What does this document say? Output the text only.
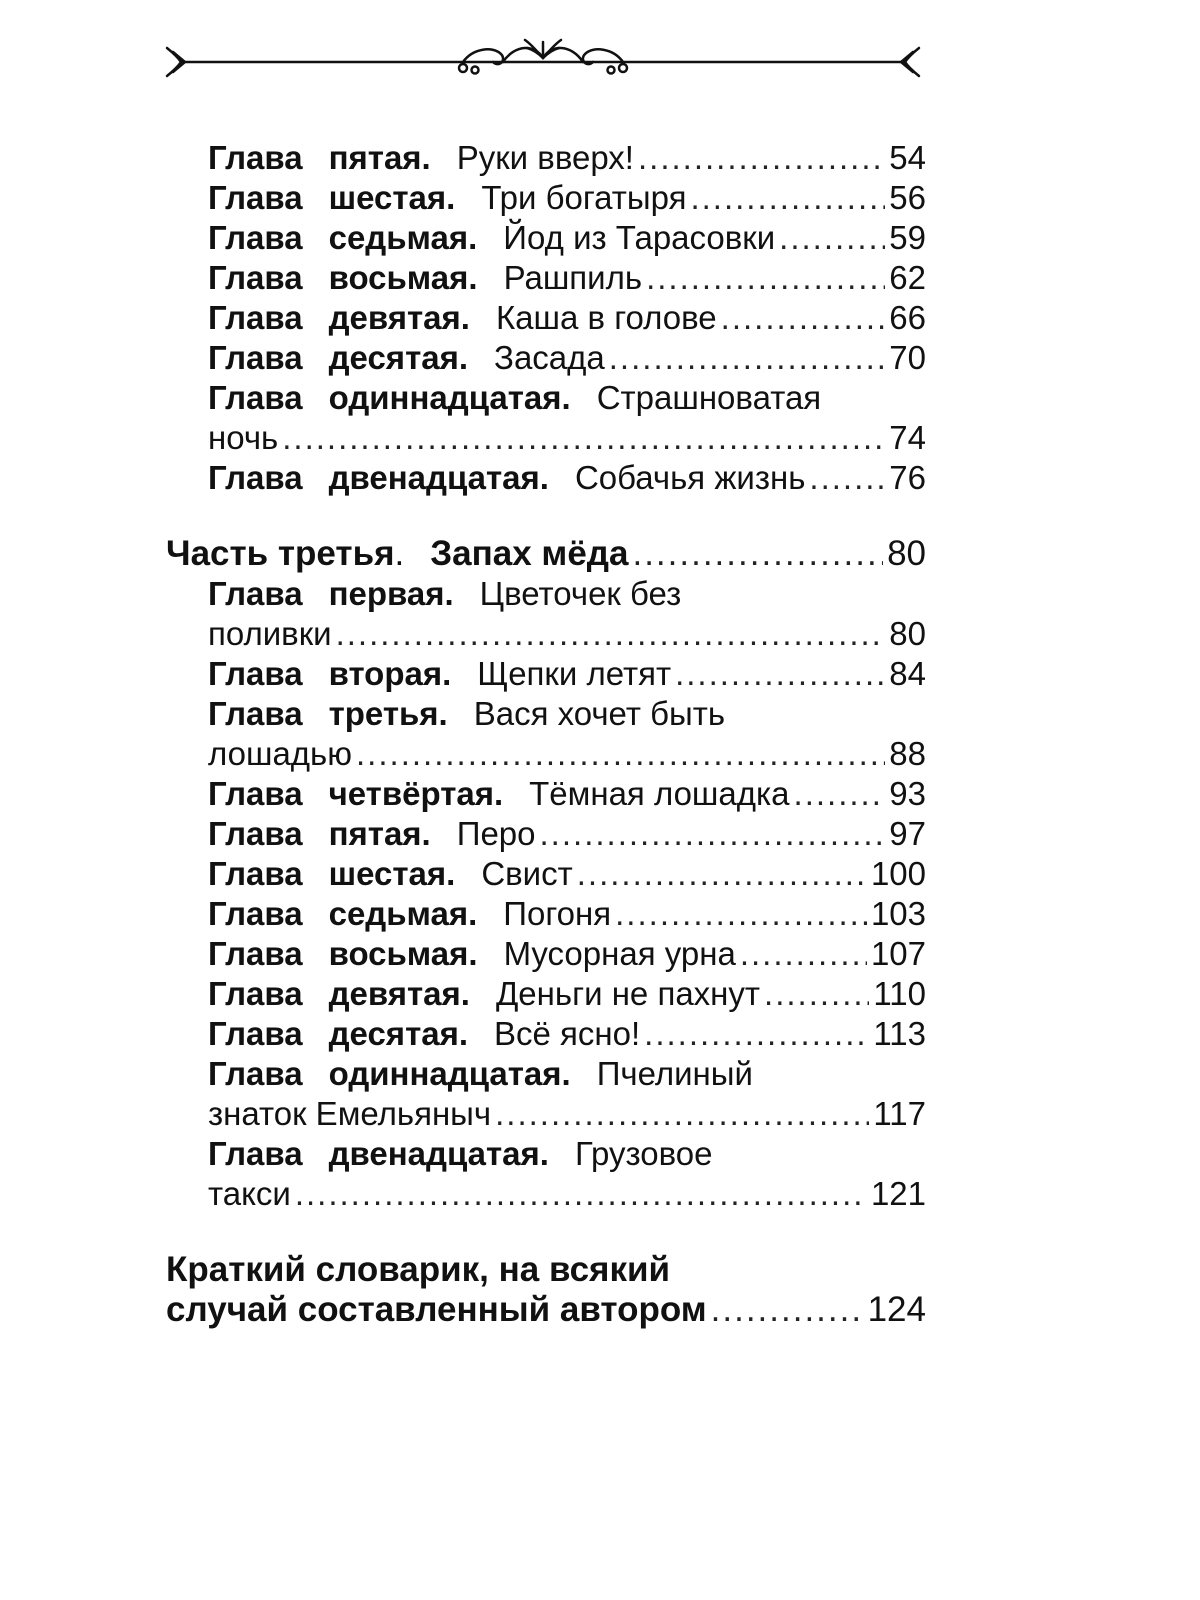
Глава пятая. Руки вверх! .....	54
Глава шестая. Три богатыря .....	56
Глава седьмая. Йод из Тарасовки .....	59
Глава восьмая. Рашпиль .....	62
Глава девятая. Каша в голове .....	66
Глава десятая. Засада .....	70
Глава одиннадцатая. Страшноватая
ночь .....	74
Глава двенадцатая. Собачья жизнь .....	76
Часть третья . Запах мёда .....	80
Глава первая. Цветочек без
поливки .....	80
Глава вторая. Щепки летят .....	84
Глава третья. Вася хочет быть
лошадью .....	88
Глава четвёртая. Тёмная лошадка .....	93
Глава пятая. Перо .....	97
Глава шестая. Свист .....	100
Глава седьмая. Погоня .....	103
Глава восьмая. Мусорная урна .....	107
Глава девятая. Деньги не пахнут .....	110
Глава десятая. Всё ясно! .....	113
Глава одиннадцатая. Пчелиный
знаток Емельяныч .....	117
Глава двенадцатая. Грузовое
такси .....	121
Краткий словарик, на всякий
случай составленный автором .....	124
